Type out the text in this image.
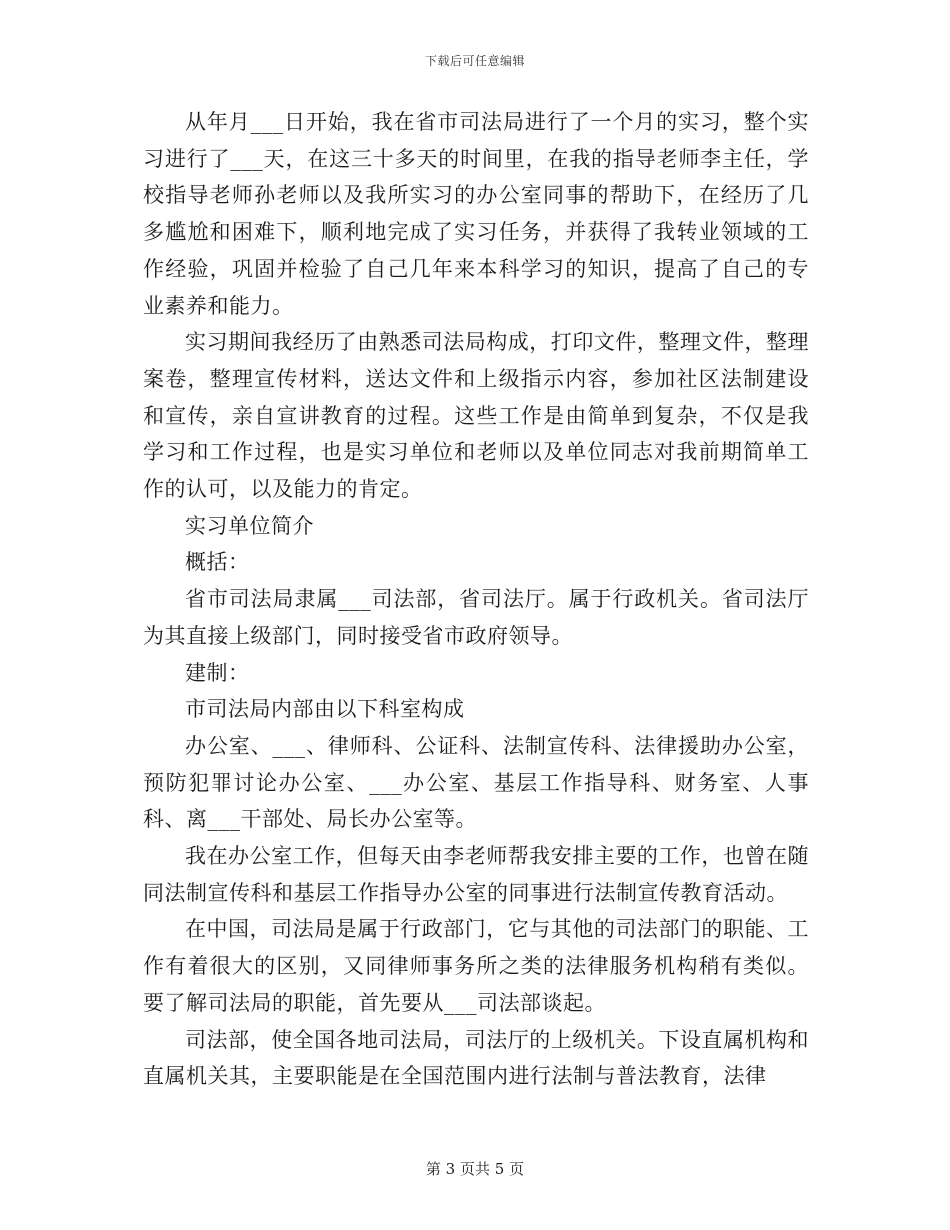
下载后可任意编辑

从年月___日开始，我在省市司法局进行了一个月的实习，整个实习进行了___天，在这三十多天的时间里，在我的指导老师李主任，学校指导老师孙老师以及我所实习的办公室同事的帮助下，在经历了几多尴尬和困难下，顺利地完成了实习任务，并获得了我转业领域的工作经验，巩固并检验了自己几年来本科学习的知识，提高了自己的专业素养和能力。

实习期间我经历了由熟悉司法局构成，打印文件，整理文件，整理案卷，整理宣传材料，送达文件和上级指示内容，参加社区法制建设和宣传，亲自宣讲教育的过程。这些工作是由简单到复杂，不仅是我学习和工作过程，也是实习单位和老师以及单位同志对我前期简单工作的认可，以及能力的肯定。

实习单位简介

概括：

省市司法局隶属___司法部，省司法厅。属于行政机关。省司法厅为其直接上级部门，同时接受省市政府领导。

建制：

市司法局内部由以下科室构成

办公室、___、律师科、公证科、法制宣传科、法律援助办公室，预防犯罪讨论办公室、___办公室、基层工作指导科、财务室、人事科、离___干部处、局长办公室等。

我在办公室工作，但每天由李老师帮我安排主要的工作，也曾在随同法制宣传科和基层工作指导办公室的同事进行法制宣传教育活动。

在中国，司法局是属于行政部门，它与其他的司法部门的职能、工作有着很大的区别，又同律师事务所之类的法律服务机构稍有类似。要了解司法局的职能，首先要从___司法部谈起。

司法部，使全国各地司法局，司法厅的上级机关。下设直属机构和直属机关其，主要职能是在全国范围内进行法制与普法教育，法律

第 3 页共 5 页
